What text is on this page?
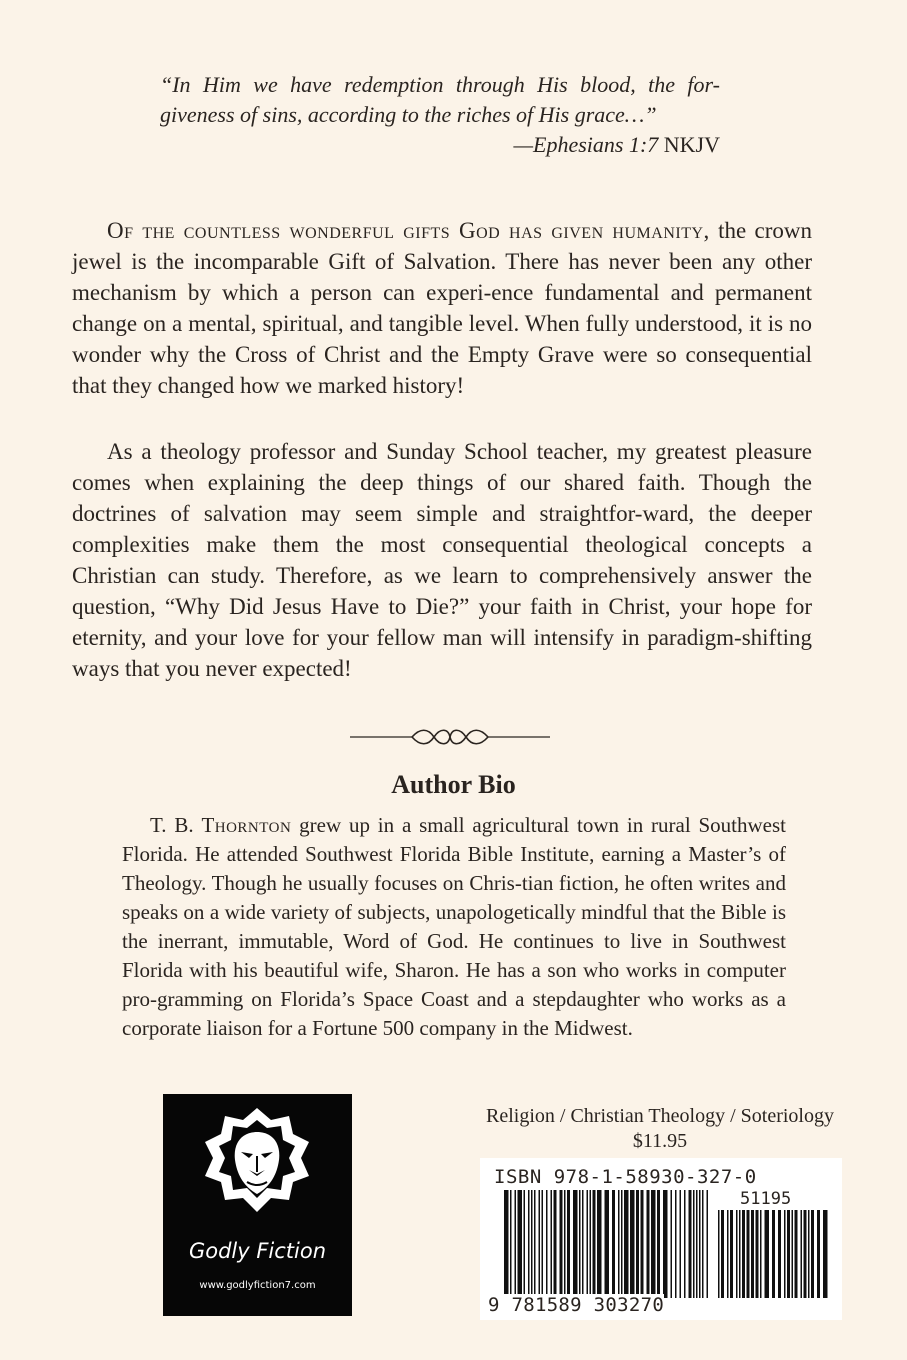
“In Him we have redemption through His blood, the for-giveness of sins, according to the riches of His grace…”
—Ephesians 1:7 NKJV
Of the countless wonderful gifts God has given humanity, the crown jewel is the incomparable Gift of Salvation. There has never been any other mechanism by which a person can experi-ence fundamental and permanent change on a mental, spiritual, and tangible level. When fully understood, it is no wonder why the Cross of Christ and the Empty Grave were so consequential that they changed how we marked history!
As a theology professor and Sunday School teacher, my greatest pleasure comes when explaining the deep things of our shared faith. Though the doctrines of salvation may seem simple and straightfor-ward, the deeper complexities make them the most consequential theological concepts a Christian can study. Therefore, as we learn to comprehensively answer the question, “Why Did Jesus Have to Die?” your faith in Christ, your hope for eternity, and your love for your fellow man will intensify in paradigm-shifting ways that you never expected!
Author Bio
T. B. Thornton grew up in a small agricultural town in rural Southwest Florida. He attended Southwest Florida Bible Institute, earning a Master’s of Theology. Though he usually focuses on Chris-tian fiction, he often writes and speaks on a wide variety of subjects, unapologetically mindful that the Bible is the inerrant, immutable, Word of God. He continues to live in Southwest Florida with his beautiful wife, Sharon. He has a son who works in computer pro-gramming on Florida’s Space Coast and a stepdaughter who works as a corporate liaison for a Fortune 500 company in the Midwest.
Godly Fiction
www.godlyfiction7.com
Religion / Christian Theology / Soteriology
$11.95
ISBN 978-1-58930-327-0
51195
9 781589 303270
